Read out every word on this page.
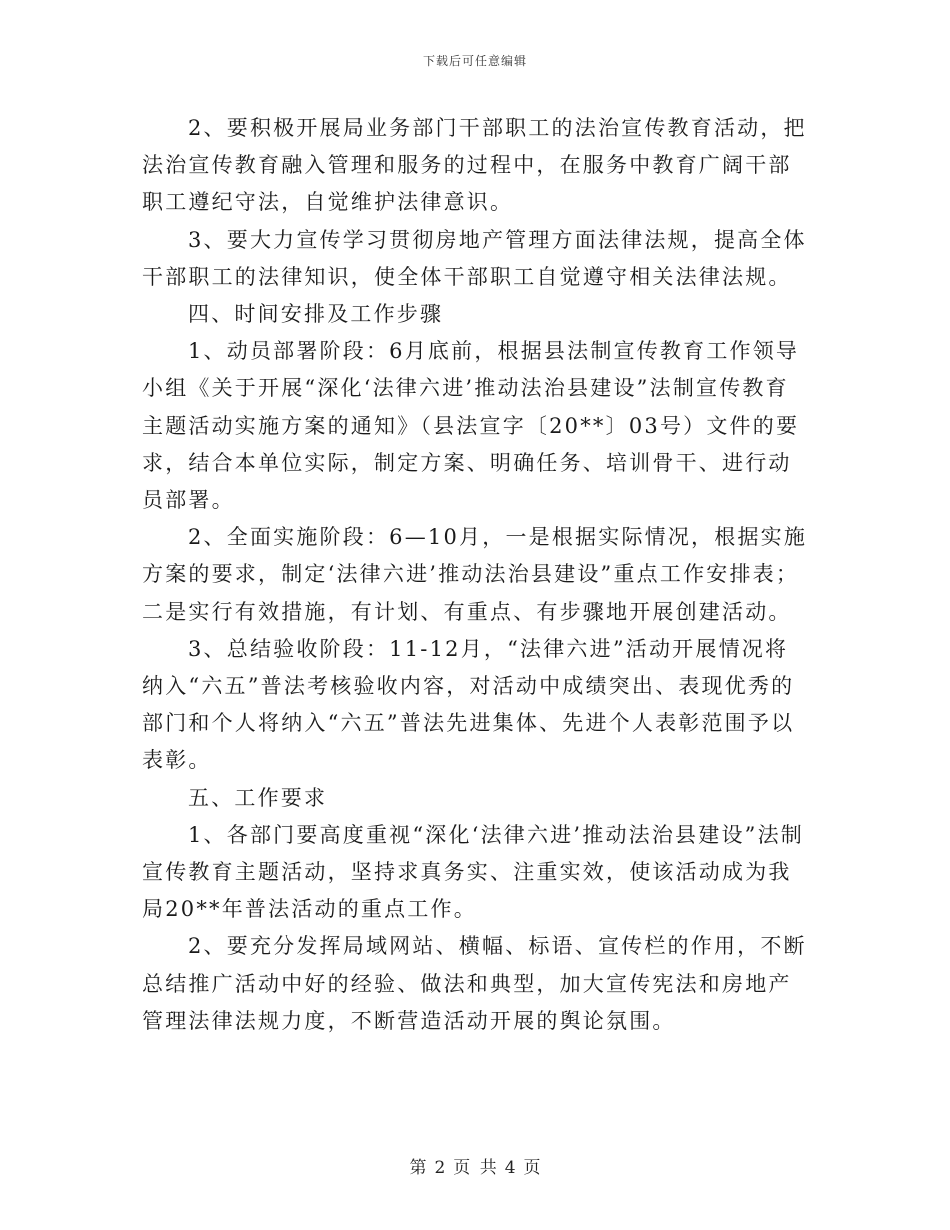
下载后可任意编辑

2、要积极开展局业务部门干部职工的法治宣传教育活动，把法治宣传教育融入管理和服务的过程中，在服务中教育广阔干部职工遵纪守法，自觉维护法律意识。

3、要大力宣传学习贯彻房地产管理方面法律法规，提高全体干部职工的法律知识，使全体干部职工自觉遵守相关法律法规。

四、时间安排及工作步骤

1、动员部署阶段：6月底前，根据县法制宣传教育工作领导小组《关于开展“深化‘法律六进’推动法治县建设”法制宣传教育主题活动实施方案的通知》（县法宣字〔20**〕03号）文件的要求，结合本单位实际，制定方案、明确任务、培训骨干、进行动员部署。

2、全面实施阶段：6—10月，一是根据实际情况，根据实施方案的要求，制定‘法律六进’推动法治县建设”重点工作安排表；二是实行有效措施，有计划、有重点、有步骤地开展创建活动。

3、总结验收阶段：11-12月，“法律六进”活动开展情况将纳入“六五”普法考核验收内容，对活动中成绩突出、表现优秀的部门和个人将纳入“六五”普法先进集体、先进个人表彰范围予以表彰。

五、工作要求

1、各部门要高度重视“深化‘法律六进’推动法治县建设”法制宣传教育主题活动，坚持求真务实、注重实效，使该活动成为我局20**年普法活动的重点工作。

2、要充分发挥局域网站、横幅、标语、宣传栏的作用，不断总结推广活动中好的经验、做法和典型，加大宣传宪法和房地产管理法律法规力度，不断营造活动开展的舆论氛围。

第 2 页 共 4 页
